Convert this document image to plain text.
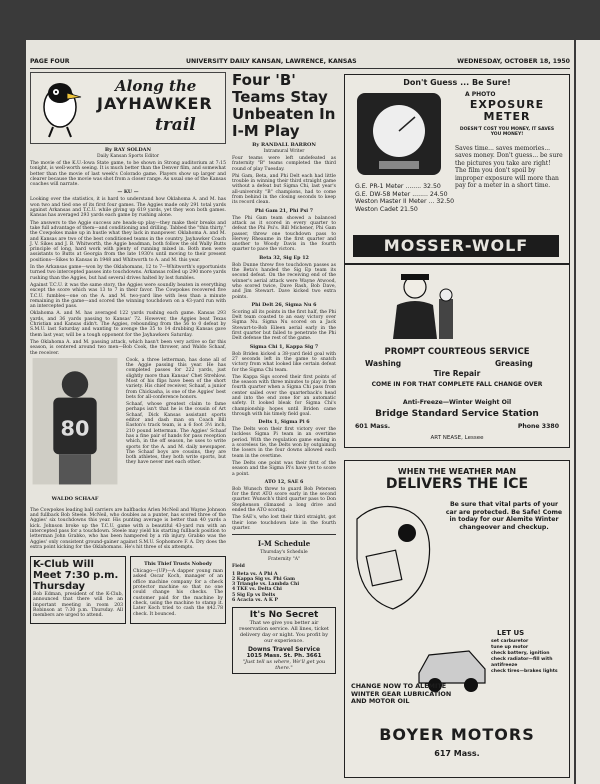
PAGE FOUR	UNIVERSITY DAILY KANSAN, LAWRENCE, KANSAS	WEDNESDAY, OCTOBER 18, 1950
Along the
JAYHAWKER
trail
By RAY SOLDAN
Daily Kansan Sports Editor

The movie of the K.U.-Iowa State game, to be shown in Strong auditorium at 7:15 tonight, is well-worth seeing. It is much better than the Denver film, and somewhat better than the movie of last week's Colorado game. Players show up larger and clearer because the movie was shot from a closer range. As usual one of the Kansas coaches will narrate.

— KU —

Looking over the statistics, it is hard to understand how Oklahoma A. and M. has won two and tied one of its first four games. The Aggies made only 291 total yards against Arkansas and T.C.U. while giving up 619 yards, yet they won both games. Kansas has averaged 293 yards each game by rushing alone.

The answers to the Aggie success are heads-up play—they make their breaks and take full advantage of them—and conditioning and drilling. Tabbed the "thin thirty," the Cowpokes make up in hustle what they lack in manpower. Oklahoma A. and M. and Kansas are two of the best conditioned teams in the country. Jayhawker Coach J. V. Sikes and J. B. Whitworth, the Aggie headman, both follow the old Wally Butts principle of long, hard work with plenty of running mixed in. Both men were assistants to Butts at Georgia from the late 1930's until moving to their present positions—Sikes to Kansas in 1948 and Whitworth to A. and M. this year.

In the Arkansas game—won by the Oklahomans, 12 to 7—Whitworth's opportunists turned two intercepted passes into touchdowns. Arkansas rolled up 290 more yards rushing than the Aggies, but had several drives halted by lost fumbles.

Against T.C.U. it was the same story, the Aggies were soundly beaten in everything except the score which was 13 to 7 in their favor. The Cowpokes recovered five T.C.U. fumbles—one on the A. and M. two-yard line with less than a minute remaining in the game—and scored the winning touchdown on a 43-yard run with an intercepted pass.

Oklahoma A. and M. has averaged 122 yards rushing each game. Kansas 293 yards, and 36 yards passing to Kansas' 72. However, the Aggies beat Texas Christian and Kansas didn't. The Aggies, rebounding from the 56 to 0 defeat by S.M.U. last Saturday and wanting to avenge the 35 to 14 drubbing Kansas gave them last year, will be a tough opponent for the Jayhawkers Saturday.

The Oklahoma A. and M. passing attack, which hasn't been very active so far this season, is centered around two men—Bob Cook, the thrower, and Waldo Schaaf, the receiver.

80
WALDO SCHAAF

Cook, a three letterman, has done all of the Aggie passing this year. He has completed passes for 222 yards, just slightly more than Kansas' Chet Strehlow. Most of his flips have been of the short variety. His chief receiver, Schaaf, a junior from Chickasha, is one of the Aggies' best bets for all-conference honors.

Schaaf, whose greatest claim to fame perhaps isn't that he is the cousin of Art Schaaf, Dick Kansas assistant sports editor and dash man on Coach Bill Easton's track team, is a 6 foot 3½ inch, 210 pound letterman. The Aggies' Schaaf has a fine pair of hands for pass reception which, in the off season, he uses to write sports for the A. and M. daily newspaper. The Schaaf boys are cousins, they are both athletes, they both write sports, but they have never met each other.

The Cowpokes leading ball carriers are halfbacks Arlen McNeil and Wayne Johnson and fullback Bob Steele. McNeil, who doubles as a punter, has scored three of the Aggies' six touchdowns this year. His punting average is better than 40 yards a kick. Johnson broke up the T.C.U. game with a beautiful 43-yard run with an intercepted pass for a touchdown. Steele may yield his starting fullback position to letterman John Grabko, who has been hampered by a rib injury. Grabko was the Aggies' only consistent ground-gainer against S.M.U. Sophomore F. A. Dry does the extra point kicking for the Oklahomans. He's hit three of six attempts.

K-Club Will Meet 7:30 p.m. Thursday

Bob Edman, president of the K-Club, announced that there will be an important meeting in room 203 Robinson at 7:30 p.m. Thursday. All members are urged to attend.

This Thief Trusts Nobody

Chicago—(UP)—A dapper young man asked Oscar Koch, manager of an office machine company for a check protector machine so that no one could change his checks. The customer paid for the machine by check, using the machine to stamp it. Later Koch tried to cash the $42.78 check. It bounced.

Four 'B' Teams Stay Unbeaten In I-M Play
By RANDALL BARRON
Intramural Writer

Four teams were left undefeated as fraternity "B" teams completed the third round of play Tuesday.

Phi Gam, Beta, and Phi Delt each had little trouble in winning their third straight game without a defeat but Sigma Chi, last year's all-university "B" champions, had to come from behind in the closing seconds to keep its record clean.

Phi Gam 21, Phi Psi 7

The Phi Gam team showed a balanced attack as it scored in every quarter to defeat the Phi Psi's. Bill Michener, Phi Gam passer, threw one touchdown pass to Hervey Rheaume in the first quarter and another to Woody Davis in the fourth quarter to pace the victors.

Beta 32, Sig Ep 12

Bob Dunne threw five touchdown passes as the Beta's handed the Sig Ep team its second defeat. On the receiving end of the winner's aerial attack were Wayne Atwood, who scored twice, Dave Rash, Bob Dave, and Jim Stewart. Dave kicked two extra points.

Phi Delt 26, Sigma Nu 6

Scoring all its points in the first half, the Phi Delt team coasted to an easy victory over Sigma Nu. Sigma Nu scored on a Jack Stewart-to-Bob Eileen aerial early in the first quarter but failed to penetrate the Phi Delt defense the rest of the game.

Sigma Chi 1, Kappa Sig 7

Bob Briden kicked a 38-yard field goal with 27 seconds left in the game to snatch victory from what looked like certain defeat for the Sigma Chi team.

The Kappa Sigs scored their first points of the season with three minutes to play in the fourth quarter when a Sigma Chi pass from center sailed over the quarterback's head and into the end zone for an automatic safety. It looked bleak for Sigma Chi's championship hopes until Briden came through with his timely field goal.

Delts 1, Sigma Pi 6

The Delts won their first victory over the luckless Sigma Pi team in an overtime period. With the regulation game ending in a scoreless tie, the Delts won by outgaining the losers in the four downs allowed each team in the overtime.

The Delts one point was their first of the season and the Sigma Pi's have yet to score a point.

ATO 12, SAE 6

Bob Wunsch threw to guard Bob Petersen for the first ATO score early in the second quarter. Wunsch's third quarter pass to Don Stephenson climaxed a long drive and ended the ATO scoring.

The SAE's, who lost their third straight, got their lone touchdown late in the fourth quarter.

I-M Schedule
Thursday's Schedule
Fraternity "A"

Field

1 Beta vs. A Phi A

2 Kappa Sig vs. Phi Gam

3 Triangle vs. Lambda Chi

4 TKE vs. Delta Chi

5 Sig Ep vs Delts

6 Acacia vs. A K P

It's No Secret

That we give you better air reservation service. All lines, ticket delivery day or night. You profit by our experience.

Downs Travel Service
1015 Mass. St. Ph. 3661
"Just tell us where, We'll get you there."
Don't Guess ... Be Sure!
A PHOTO
EXPOSURE METER
DOESN'T COST YOU MONEY, IT SAVES YOU MONEY!
Saves time... saves memories... saves money. Don't guess... be sure the pictures you take are right! The film you don't spoil by improper exposure will more than pay for a meter in a short time.
G.E. PR-1 Meter ........ 32.50
G.E. DW-58 Meter ........ 24.50
Weston Master II Meter ... 32.50
Weston Cadet 21.50
MOSSER-WOLF
PROMPT COURTEOUS SERVICE
Washing	Greasing
Tire Repair
COME IN FOR THAT COMPLETE FALL CHANGE OVER
Anti-Freeze—Winter Weight Oil
Bridge Standard Service Station
601 Mass.	Phone 3380
ART NEASE, Lessee
WHEN THE WEATHER MAN
DELIVERS THE ICE
Be sure that vital parts of your car are protected. Be Safe! Come in today for our Alemite Winter changeover and checkup.
LET US
set carburetor
tune up motor
check battery, ignition
check radiator—fill with antifreeze
check tires—brakes lights
CHANGE NOW TO ALEMITE WINTER GEAR LUBRICATION AND MOTOR OIL
BOYER MOTORS
617 Mass.
